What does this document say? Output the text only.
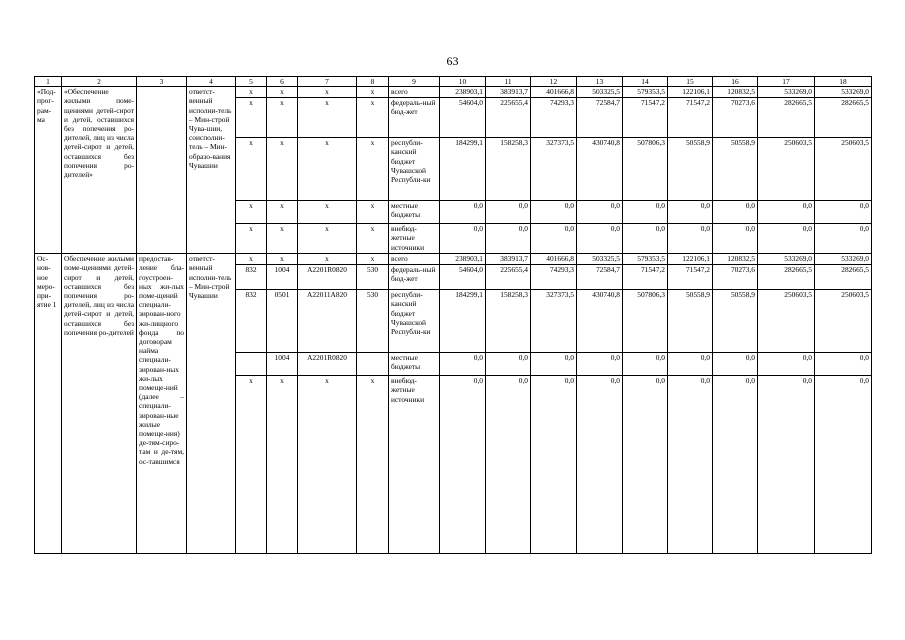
63
1	2	3	4	5	6	7	8	9	10	11	12	13	14	15	16	17	18
«Под-прог-рам-ма	«Обеспечение жилыми поме-щениями детей-сирот и детей, оставшихся без попечения ро-дителей, лиц из числа детей-сирот и детей, оставшихся без попечения ро-дителей»		ответст-венный исполни-тель – Мин-строй Чува-шии, соисполни-тель – Мин-образо-вания Чувашии	x	x	x	x	всего	238903,1	383913,7	401666,8	503325,5	579353,5	122106,1	120832,5	533269,0	533269,0
				x	x	x	x	федераль-ный бюд-жет	54604,0	225655,4	74293,3	72584,7	71547,2	71547,2	70273,6	282665,5	282665,5
				x	x	x	x	республи-канский бюджет Чувашской Республи-ки	184299,1	158258,3	327373,5	430740,8	507806,3	50558,9	50558,9	250603,5	250603,5
				x	x	x	x	местные бюджеты	0,0	0,0	0,0	0,0	0,0	0,0	0,0	0,0	0,0
				x	x	x	x	внебюд-жетные источники	0,0	0,0	0,0	0,0	0,0	0,0	0,0	0,0	0,0
Ос-нов-ное меро-при-ятие 1	Обеспечение жилыми поме-щениями детей-сирот и детей, оставшихся без попечения ро-дителей, лиц из числа детей-сирот и детей, оставшихся без попечения ро-дителей	предостав-ление бла-гоустроен-ных жи-лых поме-щений специали-зирован-ного жи-лищного фонда по договорам найма специали-зирован-ных жи-лых помеще-ний (далее – специали-зирован-ные жилые помеще-ния) де-тям-сиро-там и де-тям, ос-тавшимся	ответст-венный исполни-тель – Мин-строй Чувашии	x	x	x	x	всего	238903,1	383913,7	401666,8	503325,5	579353,5	122106,1	120832,5	533269,0	533269,0
				832	1004	A2201R0820	530	федераль-ный бюд-жет	54604,0	225655,4	74293,3	72584,7	71547,2	71547,2	70273,6	282665,5	282665,5
				832	0501	A22011A820	530	республи-канский бюджет Чувашской Республи-ки	184299,1	158258,3	327373,5	430740,8	507806,3	50558,9	50558,9	250603,5	250603,5
					1004	A2201R0820		местные бюджеты	0,0	0,0	0,0	0,0	0,0	0,0	0,0	0,0	0,0
				x	x	x	x	внебюд-жетные источники	0,0	0,0	0,0	0,0	0,0	0,0	0,0	0,0	0,0
